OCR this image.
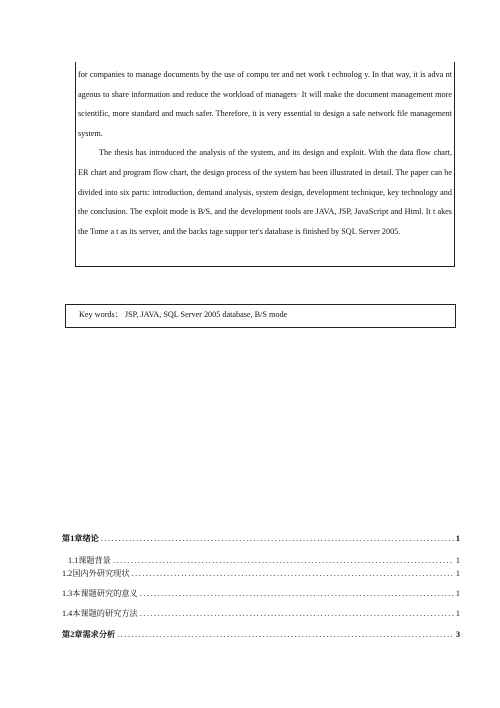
for companies to manage documents by the use of compu ter and net work t echnolog y. In that way, it is adva nt ageous to share information and reduce the workload of managers· It will make the document management more scientific, more standard and much safer. Therefore, it is very essential to design a safe network file management system.

The thesis has introduced the analysis of the system, and its design and exploit. With the data flow chart, ER chart and program flow chart, the design process of the system has been illustrated in detail. The paper can be divided into six parts: introduction, demand analysis, system design, development technique, key technology and the conclusion. The exploit mode is B/S, and the development tools are JAVA, JSP, JavaScript and Html. It t akes the Tome a t as its server, and the backs tage suppor ter's database is finished by SQL Server 2005.

Key words： JSP, JAVA, SQL Server 2005 database, B/S mode
第1章绪论 .....	1
1.1课题背景 .....	1
1.2国内外研究现状 .....	1
1.3本课题研究的意义 .....	1
1.4本课题的研究方法 .....	1
第2章需求分析 .....	3
